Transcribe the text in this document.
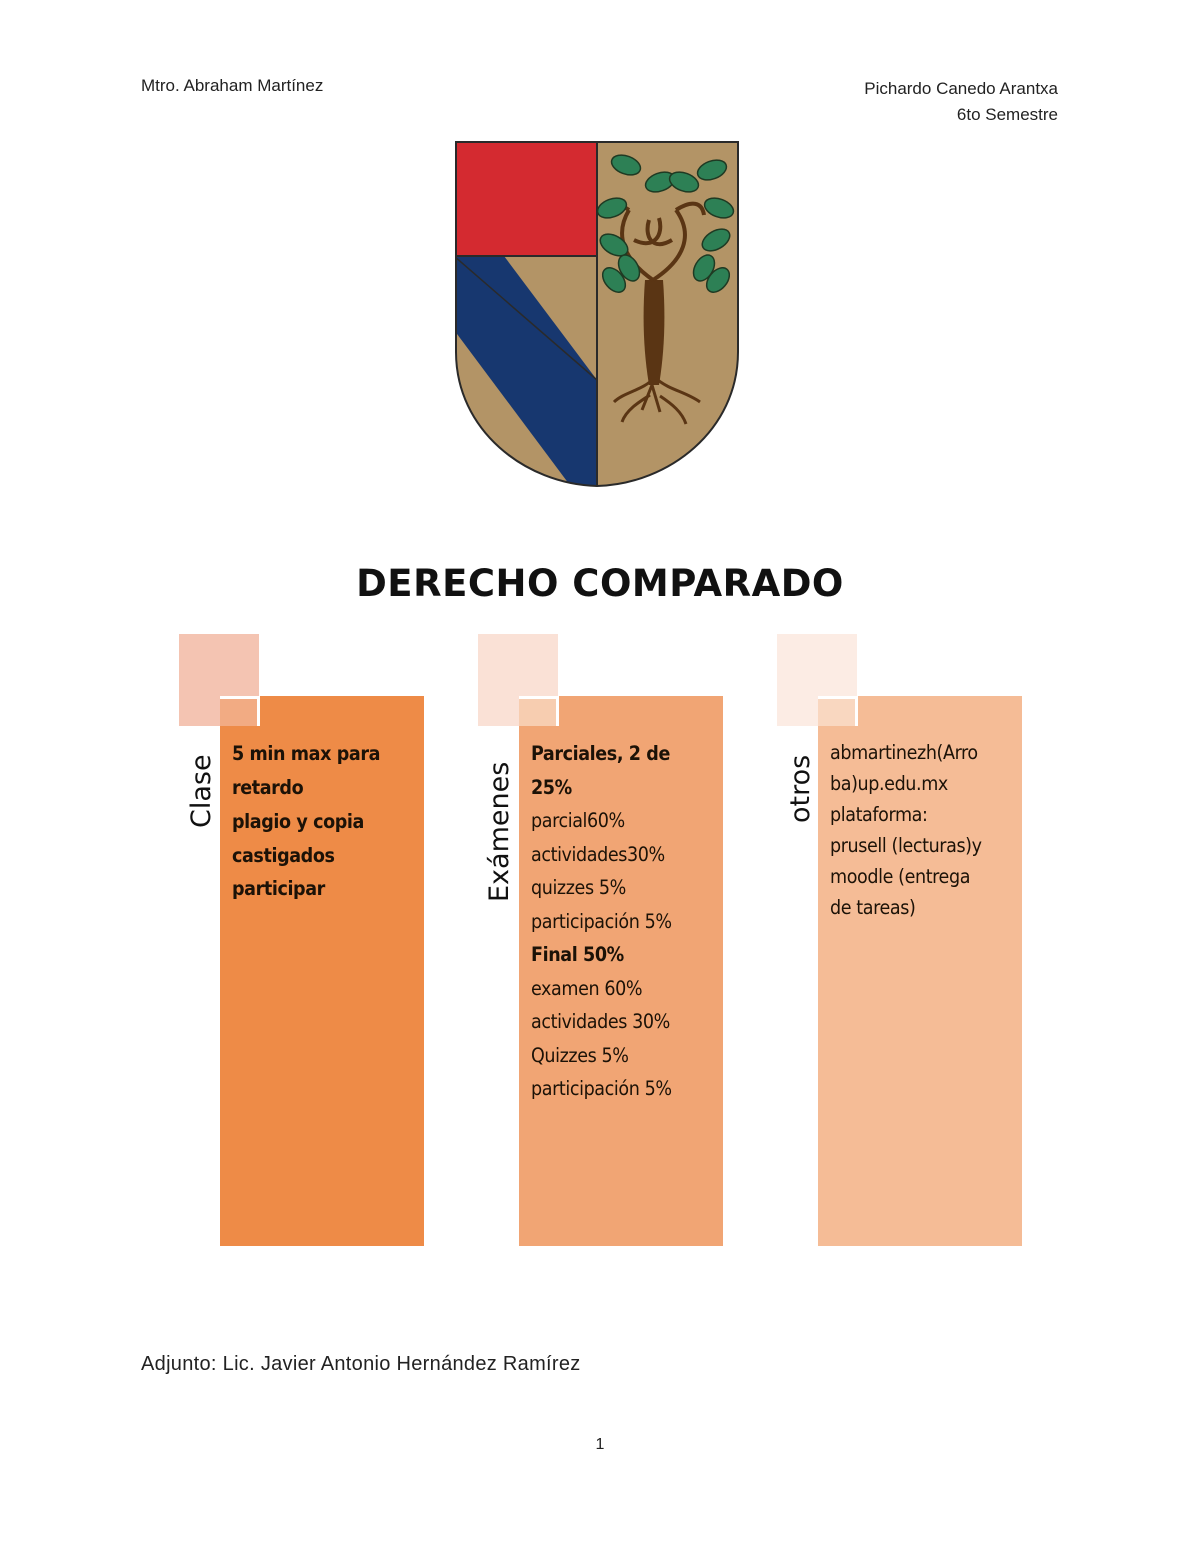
Mtro. Abraham Martínez	Pichardo Canedo Arantxa
6to Semestre
DERECHO COMPARADO
Clase
5 min max para
retardo
plagio y copia
castigados
participar	Exámenes
Parciales, 2 de
25%
parcial60%
actividades30%
quizzes 5%
participación 5%
Final 50%
examen 60%
actividades 30%
Quizzes 5%
participación 5%
otros
abmartinezh(Arro
ba)up.edu.mx
plataforma:
prusell (lecturas)y
moodle (entrega
de tareas)
Adjunto: Lic. Javier Antonio Hernández Ramírez
1
